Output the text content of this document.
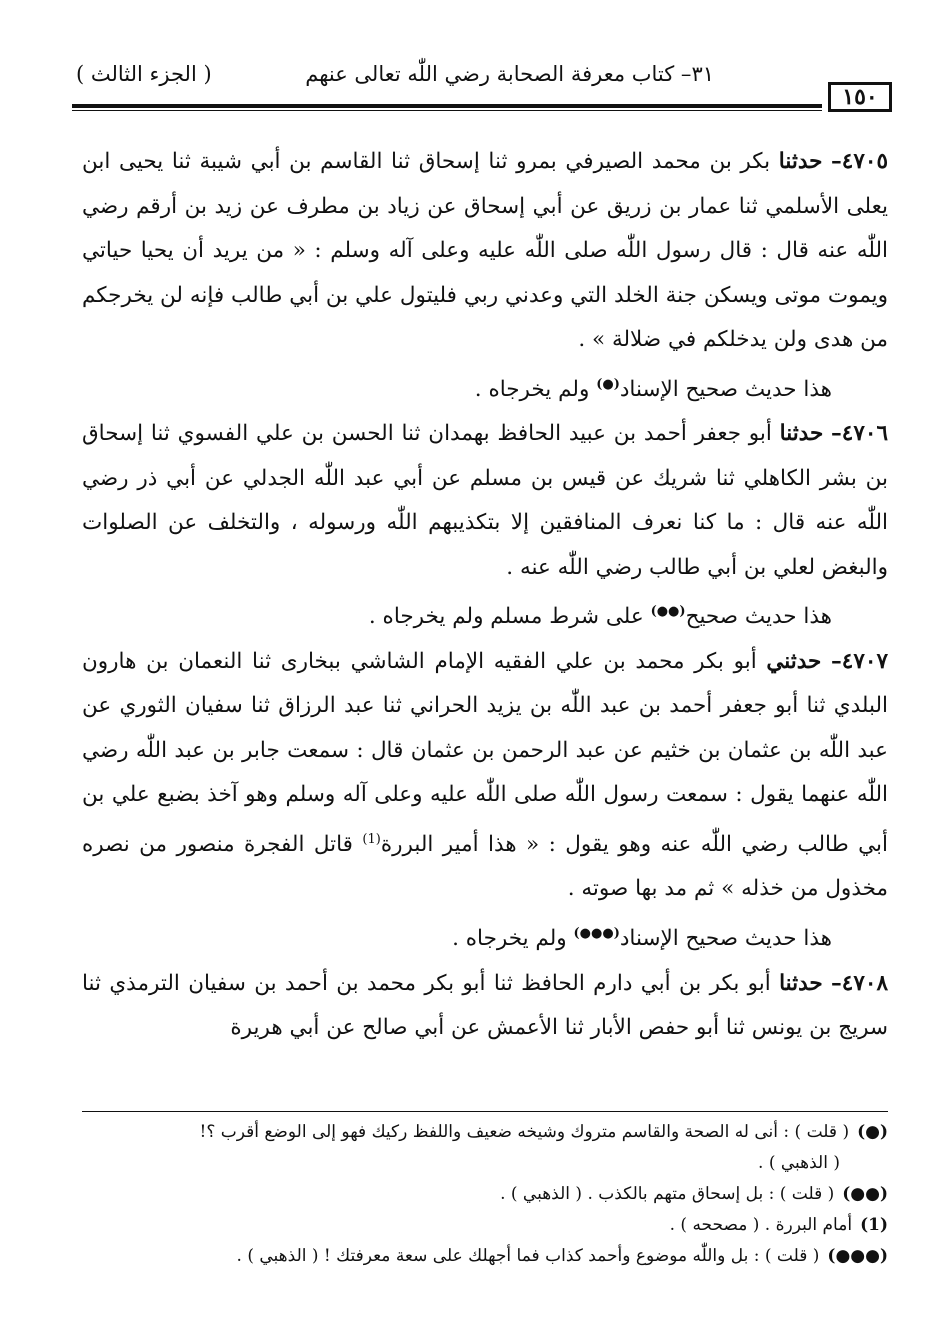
١٥٠
٣١– كتاب معرفة الصحابة رضي اللّٰه تعالى عنهم
( الجزء الثالث )

٤٧٠٥– حدثنا بكر بن محمد الصيرفي بمرو ثنا إسحاق ثنا القاسم بن أبي شيبة ثنا يحيى ابن يعلى الأسلمي ثنا عمار بن زريق عن أبي إسحاق عن زياد بن مطرف عن زيد بن أرقم رضي اللّٰه عنه قال : قال رسول اللّٰه صلى اللّٰه عليه وعلى آله وسلم : « من يريد أن يحيا حياتي ويموت موتى ويسكن جنة الخلد التي وعدني ربي فليتول علي بن أبي طالب فإنه لن يخرجكم من هدى ولن يدخلكم في ضلالة » .

هذا حديث صحيح الإسناد(●) ولم يخرجاه .

٤٧٠٦– حدثنا أبو جعفر أحمد بن عبيد الحافظ بهمدان ثنا الحسن بن علي الفسوي ثنا إسحاق بن بشر الكاهلي ثنا شريك عن قيس بن مسلم عن أبي عبد اللّٰه الجدلي عن أبي ذر رضي اللّٰه عنه قال : ما كنا نعرف المنافقين إلا بتكذيبهم اللّٰه ورسوله ، والتخلف عن الصلوات والبغض لعلي بن أبي طالب رضي اللّٰه عنه .

هذا حديث صحيح(●●) على شرط مسلم ولم يخرجاه .

٤٧٠٧– حدثني أبو بكر محمد بن علي الفقيه الإمام الشاشي ببخارى ثنا النعمان بن هارون البلدي ثنا أبو جعفر أحمد بن عبد اللّٰه بن يزيد الحراني ثنا عبد الرزاق ثنا سفيان الثوري عن عبد اللّٰه بن عثمان بن خثيم عن عبد الرحمن بن عثمان قال : سمعت جابر بن عبد اللّٰه رضي اللّٰه عنهما يقول : سمعت رسول اللّٰه صلى اللّٰه عليه وعلى آله وسلم وهو آخذ بضبع علي بن أبي طالب رضي اللّٰه عنه وهو يقول : « هذا أمير البررة$^{(1)}$ قاتل الفجرة منصور من نصره مخذول من خذله » ثم مد بها صوته .

هذا حديث صحيح الإسناد(●●●) ولم يخرجاه .

٤٧٠٨– حدثنا أبو بكر بن أبي دارم الحافظ ثنا أبو بكر محمد بن أحمد بن سفيان الترمذي ثنا سريج بن يونس ثنا أبو حفص الأبار ثنا الأعمش عن أبي صالح عن أبي هريرة

(●)( قلت ) : أنى له الصحة والقاسم متروك وشيخه ضعيف واللفظ ركيك فهو إلى الوضع أقرب ؟!
( الذهبي ) .
(●●)( قلت ) : بل إسحاق متهم بالكذب . ( الذهبي ) .
(1)أمام البررة . ( مصححه ) .
(●●●)( قلت ) : بل واللّٰه موضوع وأحمد كذاب فما أجهلك على سعة معرفتك ! ( الذهبي ) .
